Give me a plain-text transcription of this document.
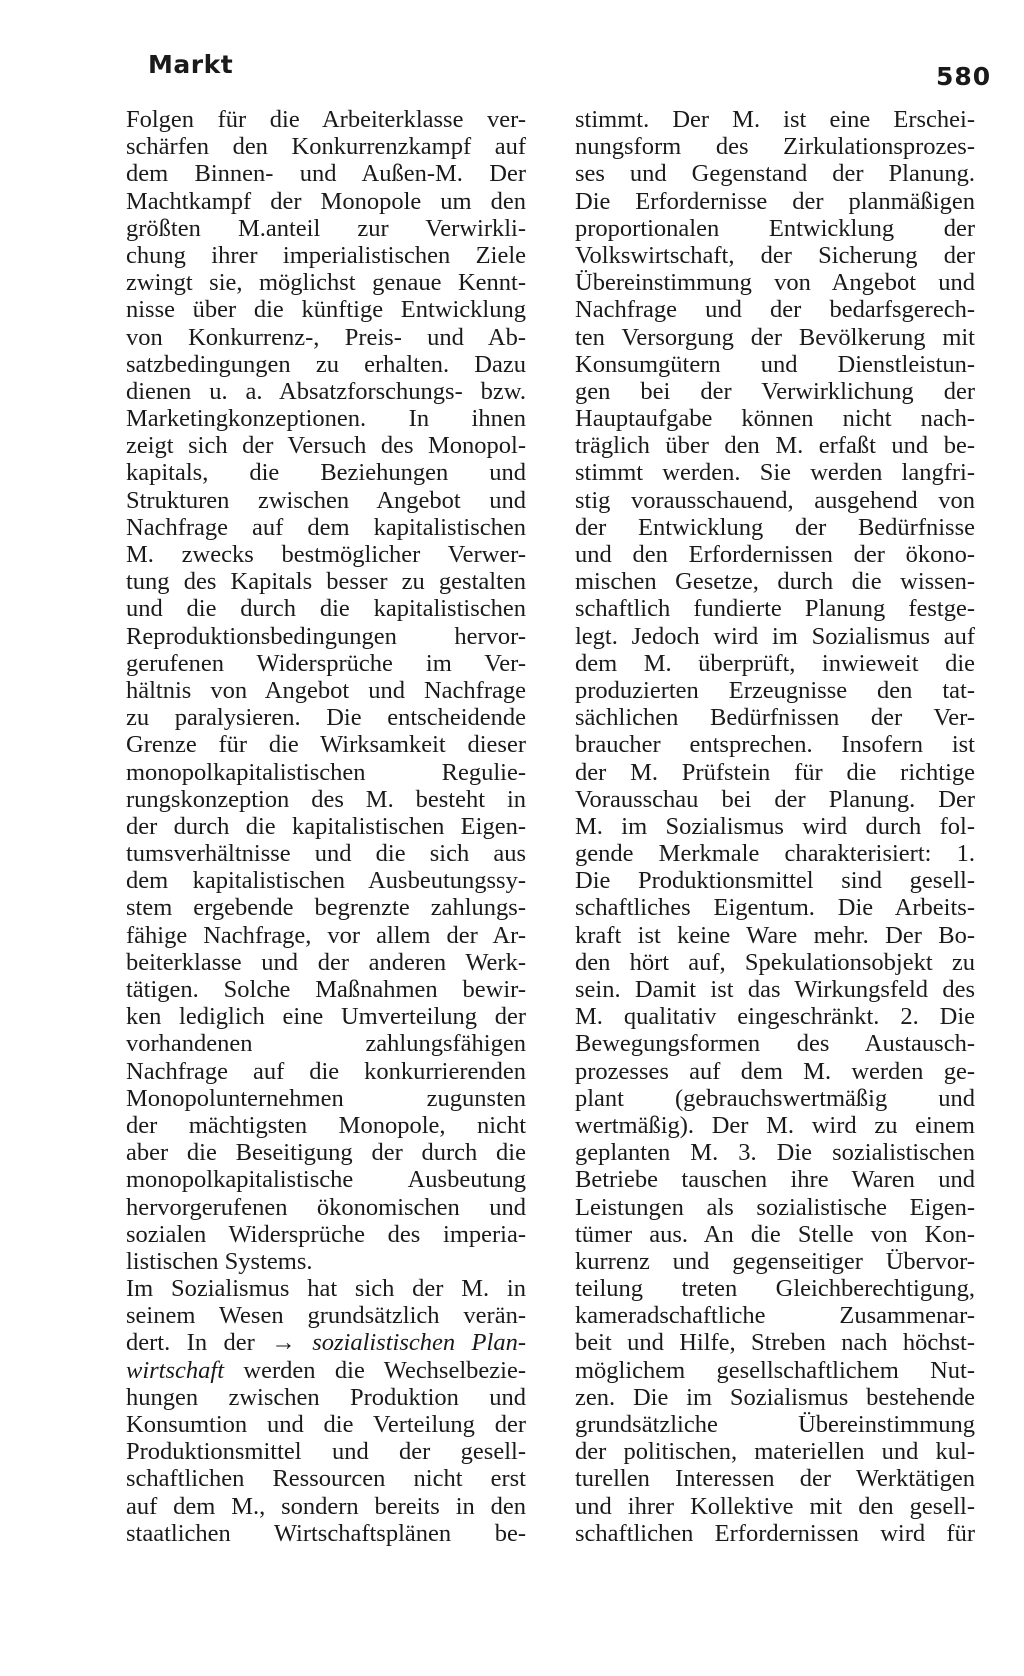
Markt	580
Folgen für die Arbeiterklasse ver-
schärfen den Konkurrenzkampf auf
dem Binnen- und Außen-M. Der
Machtkampf der Monopole um den
größten M.anteil zur Verwirkli-
chung ihrer imperialistischen Ziele
zwingt sie, möglichst genaue Kennt-
nisse über die künftige Entwicklung
von Konkurrenz-, Preis- und Ab-
satzbedingungen zu erhalten. Dazu
dienen u. a. Absatzforschungs- bzw.
Marketingkonzeptionen. In ihnen
zeigt sich der Versuch des Monopol-
kapitals, die Beziehungen und
Strukturen zwischen Angebot und
Nachfrage auf dem kapitalistischen
M. zwecks bestmöglicher Verwer-
tung des Kapitals besser zu gestalten
und die durch die kapitalistischen
Reproduktionsbedingungen hervor-
gerufenen Widersprüche im Ver-
hältnis von Angebot und Nachfrage
zu paralysieren. Die entscheidende
Grenze für die Wirksamkeit dieser
monopolkapitalistischen Regulie-
rungskonzeption des M. besteht in
der durch die kapitalistischen Eigen-
tumsverhältnisse und die sich aus
dem kapitalistischen Ausbeutungssy-
stem ergebende begrenzte zahlungs-
fähige Nachfrage, vor allem der Ar-
beiterklasse und der anderen Werk-
tätigen. Solche Maßnahmen bewir-
ken lediglich eine Umverteilung der
vorhandenen zahlungsfähigen
Nachfrage auf die konkurrierenden
Monopolunternehmen zugunsten
der mächtigsten Monopole, nicht
aber die Beseitigung der durch die
monopolkapitalistische Ausbeutung
hervorgerufenen ökonomischen und
sozialen Widersprüche des imperia-
listischen Systems.
Im Sozialismus hat sich der M. in
seinem Wesen grundsätzlich verän-
dert. In der → sozialistischen Plan-
wirtschaft werden die Wechselbezie-
hungen zwischen Produktion und
Konsumtion und die Verteilung der
Produktionsmittel und der gesell-
schaftlichen Ressourcen nicht erst
auf dem M., sondern bereits in den
staatlichen Wirtschaftsplänen be-
stimmt. Der M. ist eine Erschei-
nungsform des Zirkulationsprozes-
ses und Gegenstand der Planung.
Die Erfordernisse der planmäßigen
proportionalen Entwicklung der
Volkswirtschaft, der Sicherung der
Übereinstimmung von Angebot und
Nachfrage und der bedarfsgerech-
ten Versorgung der Bevölkerung mit
Konsumgütern und Dienstleistun-
gen bei der Verwirklichung der
Hauptaufgabe können nicht nach-
träglich über den M. erfaßt und be-
stimmt werden. Sie werden langfri-
stig vorausschauend, ausgehend von
der Entwicklung der Bedürfnisse
und den Erfordernissen der ökono-
mischen Gesetze, durch die wissen-
schaftlich fundierte Planung festge-
legt. Jedoch wird im Sozialismus auf
dem M. überprüft, inwieweit die
produzierten Erzeugnisse den tat-
sächlichen Bedürfnissen der Ver-
braucher entsprechen. Insofern ist
der M. Prüfstein für die richtige
Vorausschau bei der Planung. Der
M. im Sozialismus wird durch fol-
gende Merkmale charakterisiert: 1.
Die Produktionsmittel sind gesell-
schaftliches Eigentum. Die Arbeits-
kraft ist keine Ware mehr. Der Bo-
den hört auf, Spekulationsobjekt zu
sein. Damit ist das Wirkungsfeld des
M. qualitativ eingeschränkt. 2. Die
Bewegungsformen des Austausch-
prozesses auf dem M. werden ge-
plant (gebrauchswertmäßig und
wertmäßig). Der M. wird zu einem
geplanten M. 3. Die sozialistischen
Betriebe tauschen ihre Waren und
Leistungen als sozialistische Eigen-
tümer aus. An die Stelle von Kon-
kurrenz und gegenseitiger Übervor-
teilung treten Gleichberechtigung,
kameradschaftliche Zusammenar-
beit und Hilfe, Streben nach höchst-
möglichem gesellschaftlichem Nut-
zen. Die im Sozialismus bestehende
grundsätzliche Übereinstimmung
der politischen, materiellen und kul-
turellen Interessen der Werktätigen
und ihrer Kollektive mit den gesell-
schaftlichen Erfordernissen wird für
